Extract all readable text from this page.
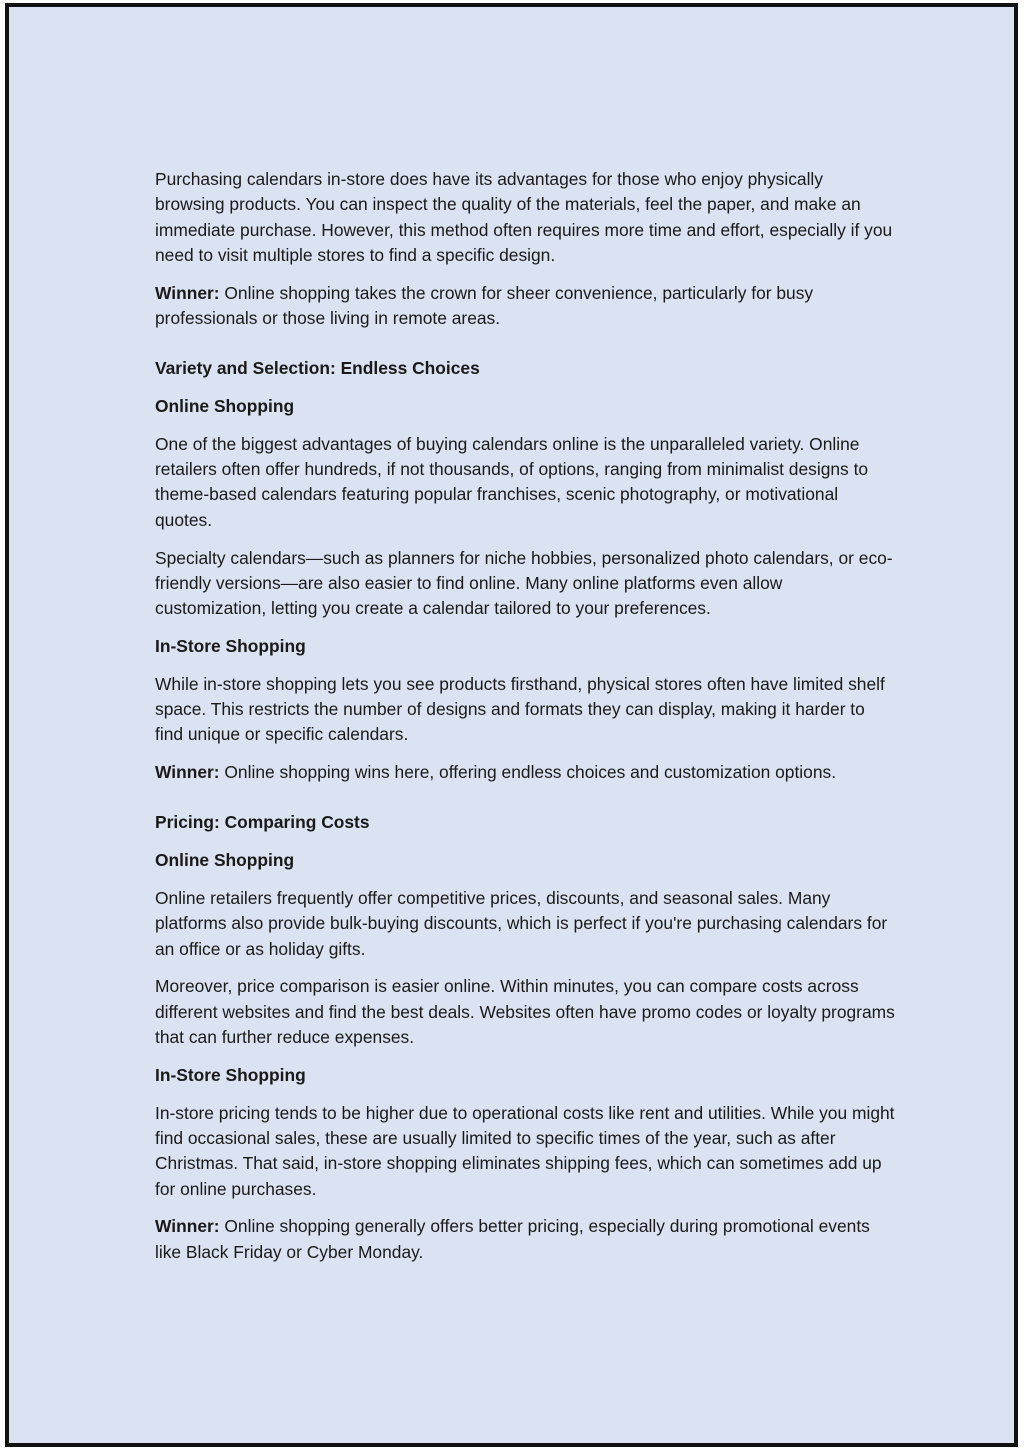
Purchasing calendars in-store does have its advantages for those who enjoy physically browsing products. You can inspect the quality of the materials, feel the paper, and make an immediate purchase. However, this method often requires more time and effort, especially if you need to visit multiple stores to find a specific design.

Winner: Online shopping takes the crown for sheer convenience, particularly for busy professionals or those living in remote areas.

Variety and Selection: Endless Choices
Online Shopping

One of the biggest advantages of buying calendars online is the unparalleled variety. Online retailers often offer hundreds, if not thousands, of options, ranging from minimalist designs to theme-based calendars featuring popular franchises, scenic photography, or motivational quotes.

Specialty calendars—such as planners for niche hobbies, personalized photo calendars, or eco-friendly versions—are also easier to find online. Many online platforms even allow customization, letting you create a calendar tailored to your preferences.

In-Store Shopping

While in-store shopping lets you see products firsthand, physical stores often have limited shelf space. This restricts the number of designs and formats they can display, making it harder to find unique or specific calendars.

Winner: Online shopping wins here, offering endless choices and customization options.

Pricing: Comparing Costs
Online Shopping

Online retailers frequently offer competitive prices, discounts, and seasonal sales. Many platforms also provide bulk-buying discounts, which is perfect if you're purchasing calendars for an office or as holiday gifts.

Moreover, price comparison is easier online. Within minutes, you can compare costs across different websites and find the best deals. Websites often have promo codes or loyalty programs that can further reduce expenses.

In-Store Shopping

In-store pricing tends to be higher due to operational costs like rent and utilities. While you might find occasional sales, these are usually limited to specific times of the year, such as after Christmas. That said, in-store shopping eliminates shipping fees, which can sometimes add up for online purchases.

Winner: Online shopping generally offers better pricing, especially during promotional events like Black Friday or Cyber Monday.
